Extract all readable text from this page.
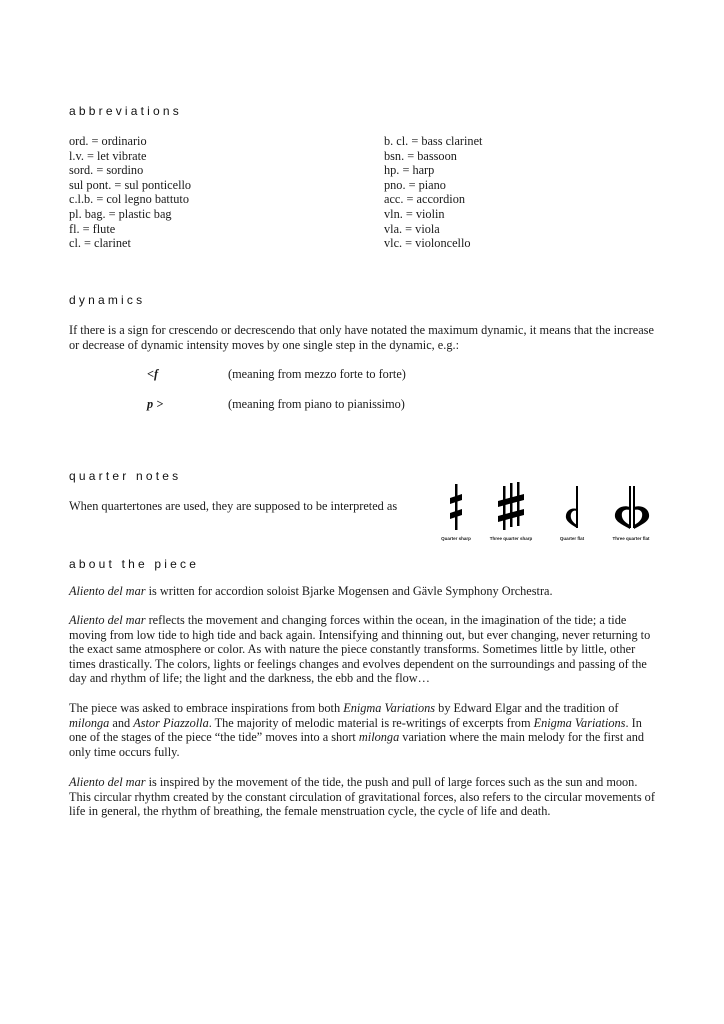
abbreviations
ord. = ordinario
l.v. = let vibrate
sord. = sordino
sul pont. = sul ponticello
c.l.b. = col legno battuto
pl. bag. = plastic bag
fl. = flute
cl. = clarinet
b. cl. = bass clarinet
bsn. = bassoon
hp. = harp
pno. = piano
acc. = accordion
vln. = violin
vla. = viola
vlc. = violoncello
dynamics
If there is a sign for crescendo or decrescendo that only have notated the maximum dynamic, it means that the increase or decrease of dynamic intensity moves by one single step in the dynamic, e.g.:
<f	(meaning from mezzo forte to forte)
p >	(meaning from piano to pianissimo)
quarter notes
When quartertones are used, they are supposed to be interpreted as
Quarter sharp	Three quarter sharp	Quarter flat	Three quarter flat
about the piece
Aliento del mar is written for accordion soloist Bjarke Mogensen and Gävle Symphony Orchestra.
Aliento del mar reflects the movement and changing forces within the ocean, in the imagination of the tide; a tide moving from low tide to high tide and back again. Intensifying and thinning out, but ever changing, never returning to the exact same atmosphere or color. As with nature the piece constantly transforms. Sometimes little by little, other times drastically. The colors, lights or feelings changes and evolves dependent on the surroundings and passing of the day and rhythm of life; the light and the darkness, the ebb and the flow…
The piece was asked to embrace inspirations from both Enigma Variations by Edward Elgar and the tradition of milonga and Astor Piazzolla. The majority of melodic material is re-writings of excerpts from Enigma Variations. In one of the stages of the piece “the tide” moves into a short milonga variation where the main melody for the first and only time occurs fully.
Aliento del mar is inspired by the movement of the tide, the push and pull of large forces such as the sun and moon. This circular rhythm created by the constant circulation of gravitational forces, also refers to the circular movements of life in general, the rhythm of breathing, the female menstruation cycle, the cycle of life and death.
